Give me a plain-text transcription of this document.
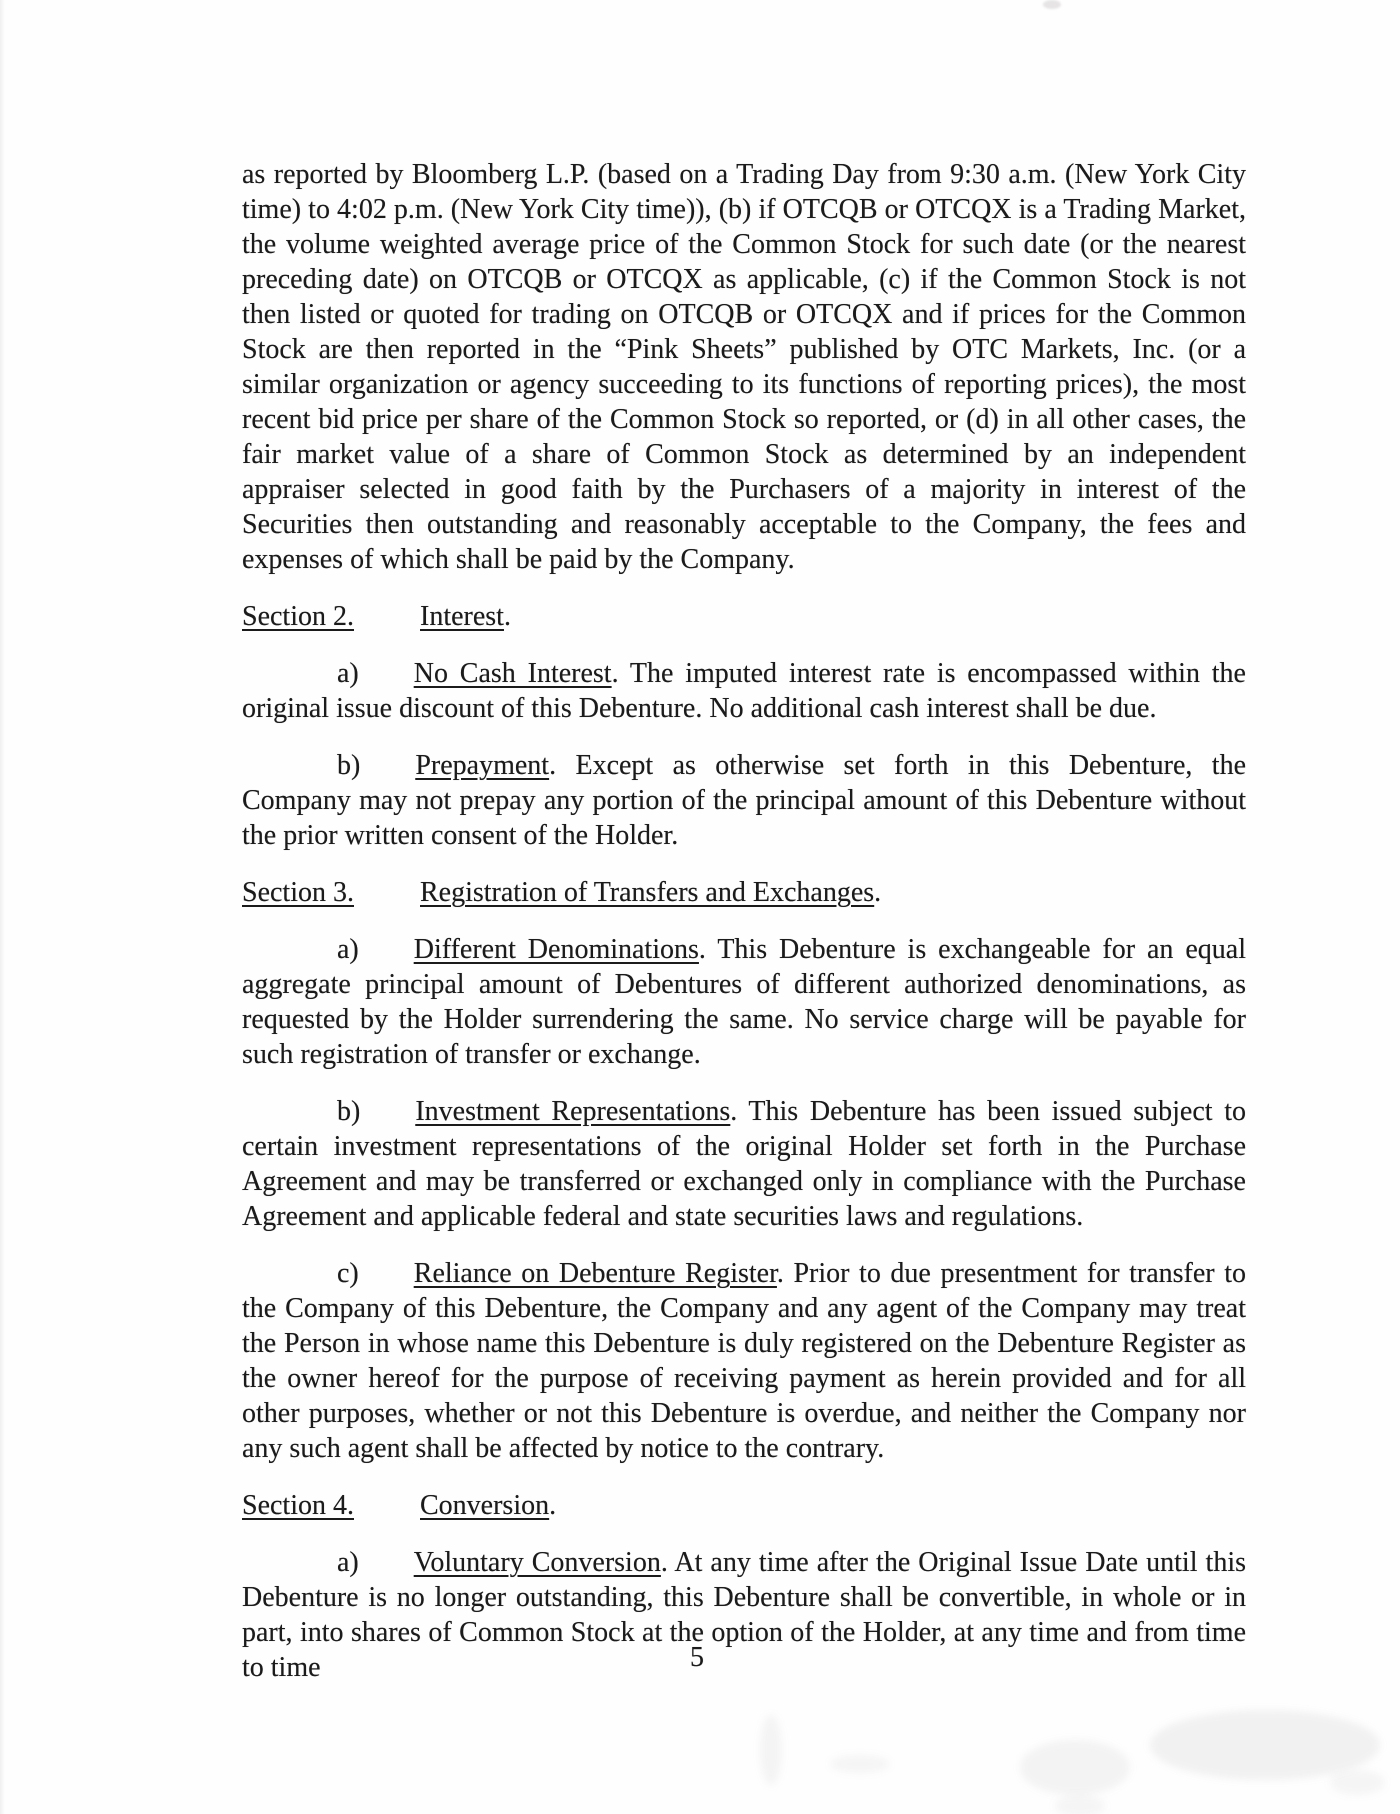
as reported by Bloomberg L.P. (based on a Trading Day from 9:30 a.m. (New York City time) to 4:02 p.m. (New York City time)), (b) if OTCQB or OTCQX is a Trading Market, the volume weighted average price of the Common Stock for such date (or the nearest preceding date) on OTCQB or OTCQX as applicable, (c) if the Common Stock is not then listed or quoted for trading on OTCQB or OTCQX and if prices for the Common Stock are then reported in the “Pink Sheets” published by OTC Markets, Inc. (or a similar organization or agency succeeding to its functions of reporting prices), the most recent bid price per share of the Common Stock so reported, or (d) in all other cases, the fair market value of a share of Common Stock as determined by an independent appraiser selected in good faith by the Purchasers of a majority in interest of the Securities then outstanding and reasonably acceptable to the Company, the fees and expenses of which shall be paid by the Company.

Section 2. Interest.

a) No Cash Interest. The imputed interest rate is encompassed within the original issue discount of this Debenture. No additional cash interest shall be due.

b) Prepayment. Except as otherwise set forth in this Debenture, the Company may not prepay any portion of the principal amount of this Debenture without the prior written consent of the Holder.

Section 3. Registration of Transfers and Exchanges.

a) Different Denominations. This Debenture is exchangeable for an equal aggregate principal amount of Debentures of different authorized denominations, as requested by the Holder surrendering the same. No service charge will be payable for such registration of transfer or exchange.

b) Investment Representations. This Debenture has been issued subject to certain investment representations of the original Holder set forth in the Purchase Agreement and may be transferred or exchanged only in compliance with the Purchase Agreement and applicable federal and state securities laws and regulations.

c) Reliance on Debenture Register. Prior to due presentment for transfer to the Company of this Debenture, the Company and any agent of the Company may treat the Person in whose name this Debenture is duly registered on the Debenture Register as the owner hereof for the purpose of receiving payment as herein provided and for all other purposes, whether or not this Debenture is overdue, and neither the Company nor any such agent shall be affected by notice to the contrary.

Section 4. Conversion.

a) Voluntary Conversion. At any time after the Original Issue Date until this Debenture is no longer outstanding, this Debenture shall be convertible, in whole or in part, into shares of Common Stock at the option of the Holder, at any time and from time to time	5
